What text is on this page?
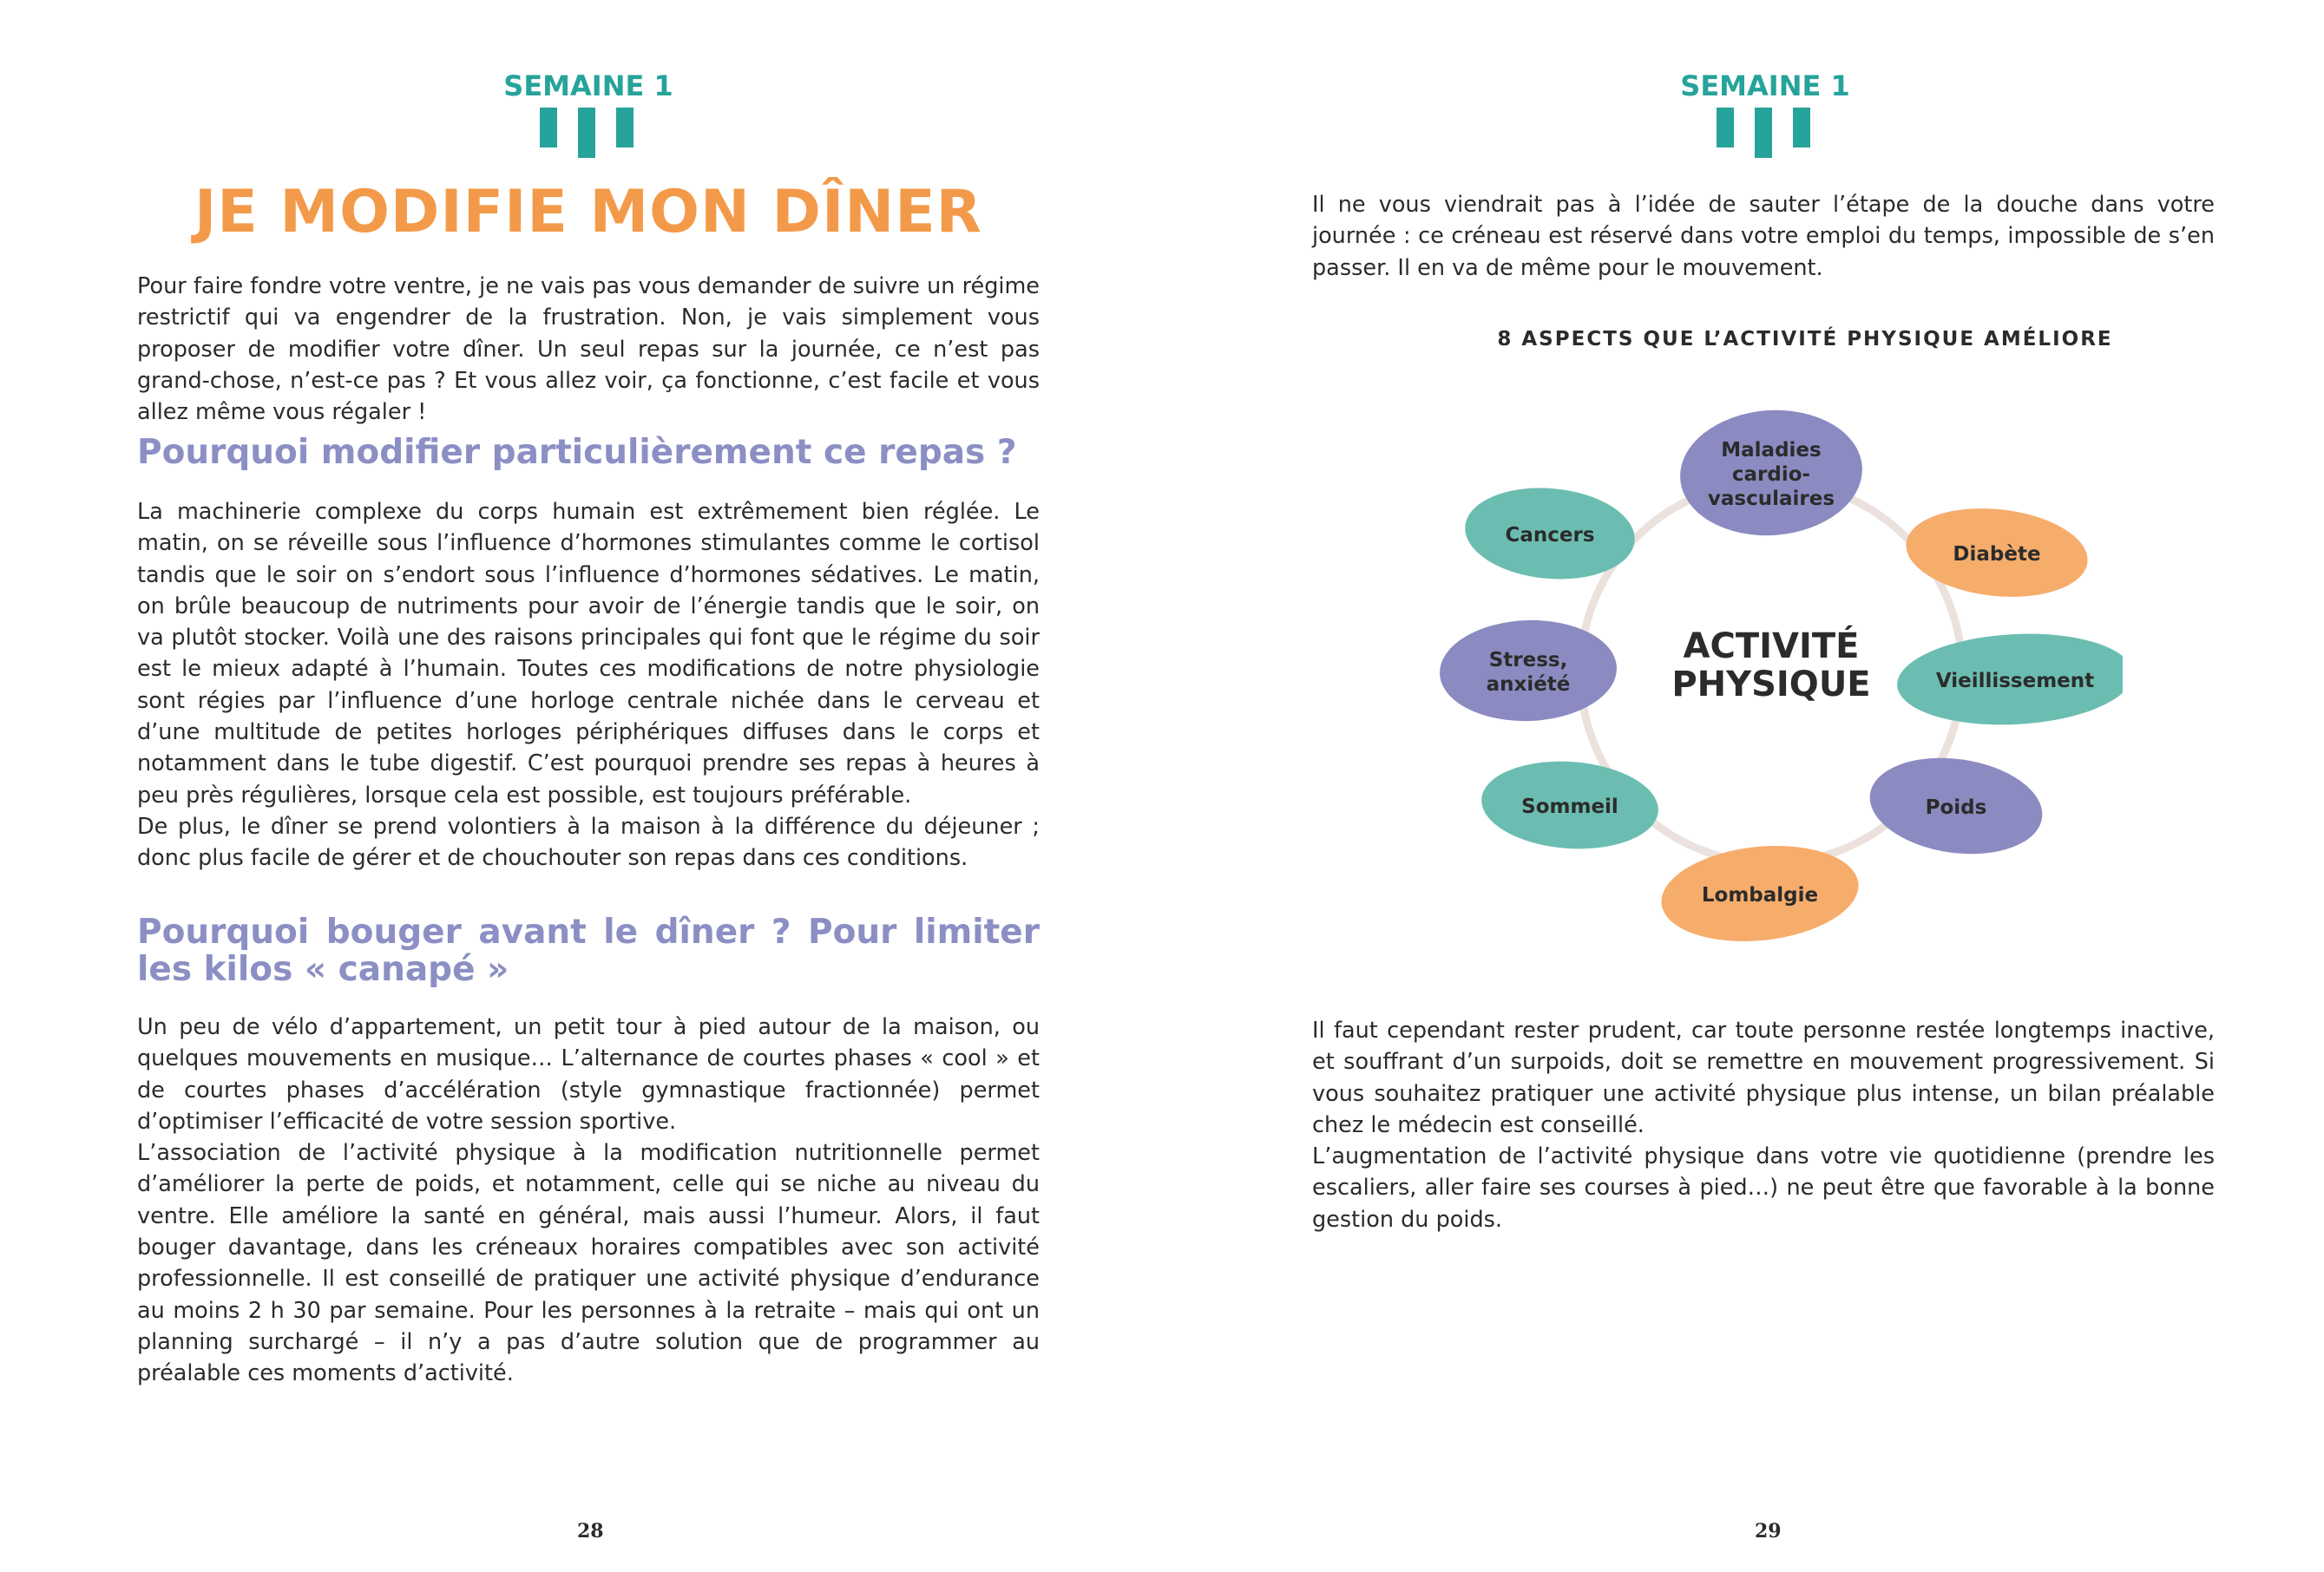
SEMAINE 1
JE MODIFIE MON DÎNER

Pour faire fondre votre ventre, je ne vais pas vous demander de suivre un régime restrictif qui va engendrer de la frustration. Non, je vais simplement vous proposer de modifier votre dîner. Un seul repas sur la journée, ce n’est pas grand-chose, n’est-ce pas ? Et vous allez voir, ça fonctionne, c’est facile et vous allez même vous régaler !

Pourquoi modifier particulièrement ce repas ?

La machinerie complexe du corps humain est extrêmement bien réglée. Le matin, on se réveille sous l’influence d’hormones stimulantes comme le cortisol tandis que le soir on s’endort sous l’influence d’hormones sédatives. Le matin, on brûle beaucoup de nutriments pour avoir de l’énergie tandis que le soir, on va plutôt stocker. Voilà une des raisons principales qui font que le régime du soir est le mieux adapté à l’humain. Toutes ces modifications de notre physiologie sont régies par l’influence d’une horloge centrale nichée dans le cerveau et d’une multitude de petites horloges périphériques diffuses dans le corps et notamment dans le tube digestif. C’est pourquoi prendre ses repas à heures à peu près régulières, lorsque cela est possible, est toujours préférable.
De plus, le dîner se prend volontiers à la maison à la différence du déjeuner ; donc plus facile de gérer et de chouchouter son repas dans ces conditions.

Pourquoi bouger avant le dîner ? Pour limiter les kilos « canapé »

Un peu de vélo d’appartement, un petit tour à pied autour de la maison, ou quelques mouvements en musique… L’alternance de courtes phases « cool » et de courtes phases d’accélération (style gymnastique fractionnée) permet d’optimiser l’efficacité de votre session sportive.
L’association de l’activité physique à la modification nutritionnelle permet d’améliorer la perte de poids, et notamment, celle qui se niche au niveau du ventre. Elle améliore la santé en général, mais aussi l’humeur. Alors, il faut bouger davantage, dans les créneaux horaires compatibles avec son activité professionnelle. Il est conseillé de pratiquer une activité physique d’endurance au moins 2 h 30 par semaine. Pour les personnes à la retraite – mais qui ont un planning surchargé – il n’y a pas d’autre solution que de programmer au préalable ces moments d’activité.

28
SEMAINE 1

Il ne vous viendrait pas à l’idée de sauter l’étape de la douche dans votre journée : ce créneau est réservé dans votre emploi du temps, impossible de s’en passer. Il en va de même pour le mouvement.

8 ASPECTS QUE L’ACTIVITÉ PHYSIQUE AMÉLIORE
ACTIVITÉ
PHYSIQUE
Maladies
cardio-
vasculaires
Diabète
Vieillissement
Poids
Lombalgie
Sommeil
Stress,
anxiété
Cancers

Il faut cependant rester prudent, car toute personne restée longtemps inactive, et souffrant d’un surpoids, doit se remettre en mouvement progressivement. Si vous souhaitez pratiquer une activité physique plus intense, un bilan préalable chez le médecin est conseillé.
L’augmentation de l’activité physique dans votre vie quotidienne (prendre les escaliers, aller faire ses courses à pied…) ne peut être que favorable à la bonne gestion du poids.

29
